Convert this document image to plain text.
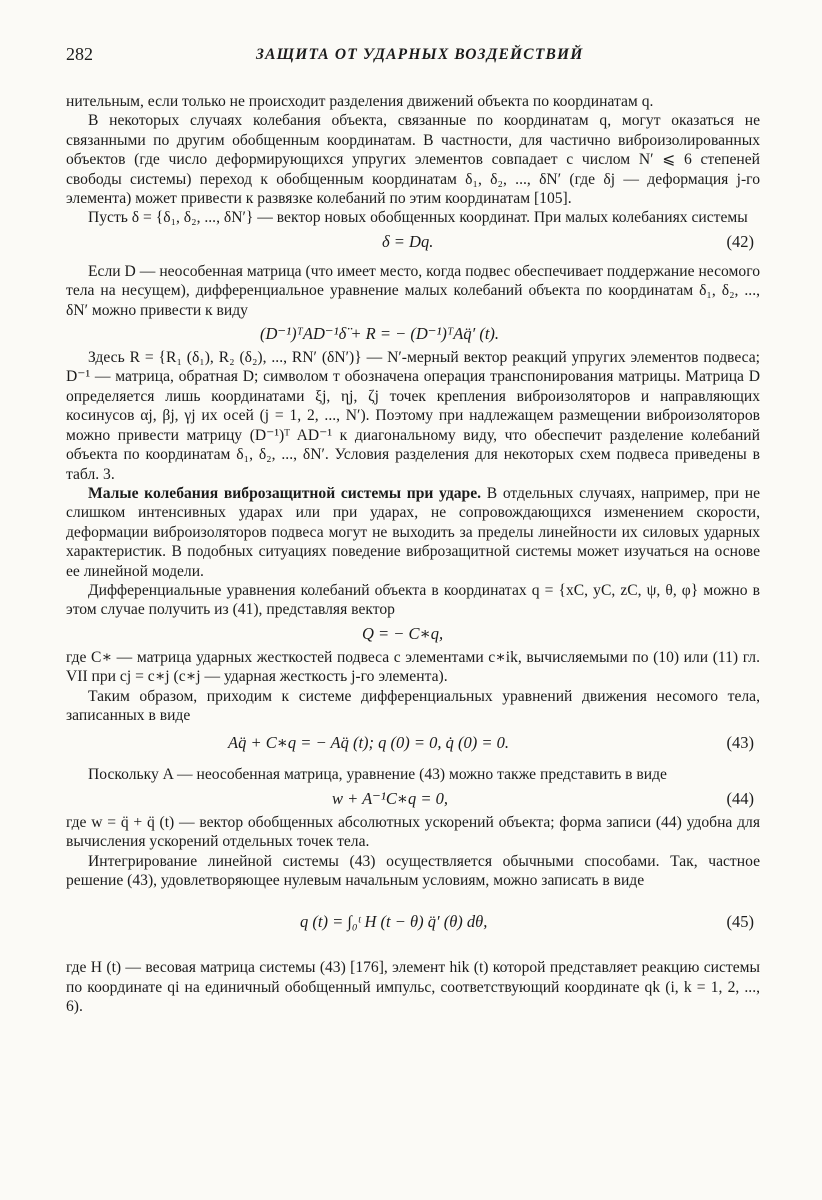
282	ЗАЩИТА ОТ УДАРНЫХ ВОЗДЕЙСТВИЙ

нительным, если только не происходит разделения движений объекта по координатам q.

В некоторых случаях колебания объекта, связанные по координатам q, могут оказаться не связанными по другим обобщенным координатам. В частности, для частично виброизолированных объектов (где число деформирующихся упругих элементов совпадает с числом N′ ⩽ 6 степеней свободы системы) переход к обобщенным координатам δ₁, δ₂, ..., δN′ (где δj — деформация j-го элемента) может привести к развязке колебаний по этим координатам [105].

Пусть δ = {δ₁, δ₂, ..., δN′} — вектор новых обобщенных координат. При малых колебаниях системы

δ = Dq.	(42)

Если D — неособенная матрица (что имеет место, когда подвес обеспечивает поддержание несомого тела на несущем), дифференциальное уравнение малых колебаний объекта по координатам δ₁, δ₂, ..., δN′ можно привести к виду

(D⁻¹)ᵀAD⁻¹δ̈ + R = − (D⁻¹)ᵀAq̈′ (t).

Здесь R = {R₁ (δ₁), R₂ (δ₂), ..., RN′ (δN′)} — N′-мерный вектор реакций упругих элементов подвеса; D⁻¹ — матрица, обратная D; символом т обозначена операция транспонирования матрицы. Матрица D определяется лишь координатами ξj, ηj, ζj точек крепления виброизоляторов и направляющих косинусов αj, βj, γj их осей (j = 1, 2, ..., N′). Поэтому при надлежащем размещении виброизоляторов можно привести матрицу (D⁻¹)ᵀ AD⁻¹ к диагональному виду, что обеспечит разделение колебаний объекта по координатам δ₁, δ₂, ..., δN′. Условия разделения для некоторых схем подвеса приведены в табл. 3.

Малые колебания виброзащитной системы при ударе. В отдельных случаях, например, при не слишком интенсивных ударах или при ударах, не сопровождающихся изменением скорости, деформации виброизоляторов подвеса могут не выходить за пределы линейности их силовых ударных характеристик. В подобных ситуациях поведение виброзащитной системы может изучаться на основе ее линейной модели.

Дифференциальные уравнения колебаний объекта в координатах q = {xC, yC, zC, ψ, θ, φ} можно в этом случае получить из (41), представляя вектор

Q = − C∗q,

где C∗ — матрица ударных жесткостей подвеса с элементами c∗ik, вычисляемыми по (10) или (11) гл. VII при cj = c∗j (c∗j — ударная жесткость j-го элемента).

Таким образом, приходим к системе дифференциальных уравнений движения несомого тела, записанных в виде

Aq̈ + C∗q = − Aq̈ (t); q (0) = 0, q̇ (0) = 0.	(43)

Поскольку A — неособенная матрица, уравнение (43) можно также представить в виде

w + A⁻¹C∗q = 0,	(44)

где w = q̈ + q̈ (t) — вектор обобщенных абсолютных ускорений объекта; форма записи (44) удобна для вычисления ускорений отдельных точек тела.

Интегрирование линейной системы (43) осуществляется обычными способами. Так, частное решение (43), удовлетворяющее нулевым начальным условиям, можно записать в виде

q (t) = ∫₀ᵗ H (t − θ) q̈′ (θ) dθ,	(45)

где H (t) — весовая матрица системы (43) [176], элемент hik (t) которой представляет реакцию системы по координате qi на единичный обобщенный импульс, соответствующий координате qk (i, k = 1, 2, ..., 6).
